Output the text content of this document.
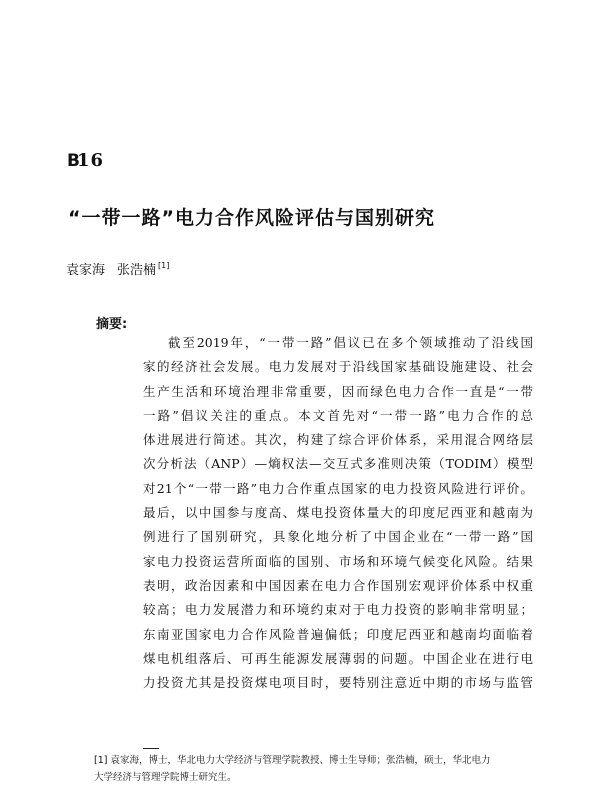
B 16
“一带一路”电力合作风险评估与国别研究
袁家海 张浩楠 [1]
摘要:
截至2019年，“一带一路”倡议已在多个领域推动了沿线国
家的经济社会发展。电力发展对于沿线国家基础设施建设、社会
生产生活和环境治理非常重要，因而绿色电力合作一直是“一带
一路”倡议关注的重点。本文首先对“一带一路”电力合作的总
体进展进行简述。其次，构建了综合评价体系，采用混合网络层
次分析法（ANP）—熵权法—交互式多准则决策（TODIM）模型
对21个“一带一路”电力合作重点国家的电力投资风险进行评价。
最后，以中国参与度高、煤电投资体量大的印度尼西亚和越南为
例进行了国别研究，具象化地分析了中国企业在“一带一路”国
家电力投资运营所面临的国别、市场和环境气候变化风险。结果
表明，政治因素和中国因素在电力合作国别宏观评价体系中权重
较高；电力发展潜力和环境约束对于电力投资的影响非常明显；
东南亚国家电力合作风险普遍偏低；印度尼西亚和越南均面临着
煤电机组落后、可再生能源发展薄弱的问题。中国企业在进行电
力投资尤其是投资煤电项目时，要特别注意近中期的市场与监管
[1] 袁家海，博士，华北电力大学经济与管理学院教授、博士生导师；张浩楠，硕士，华北电力
大学经济与管理学院博士研究生。
